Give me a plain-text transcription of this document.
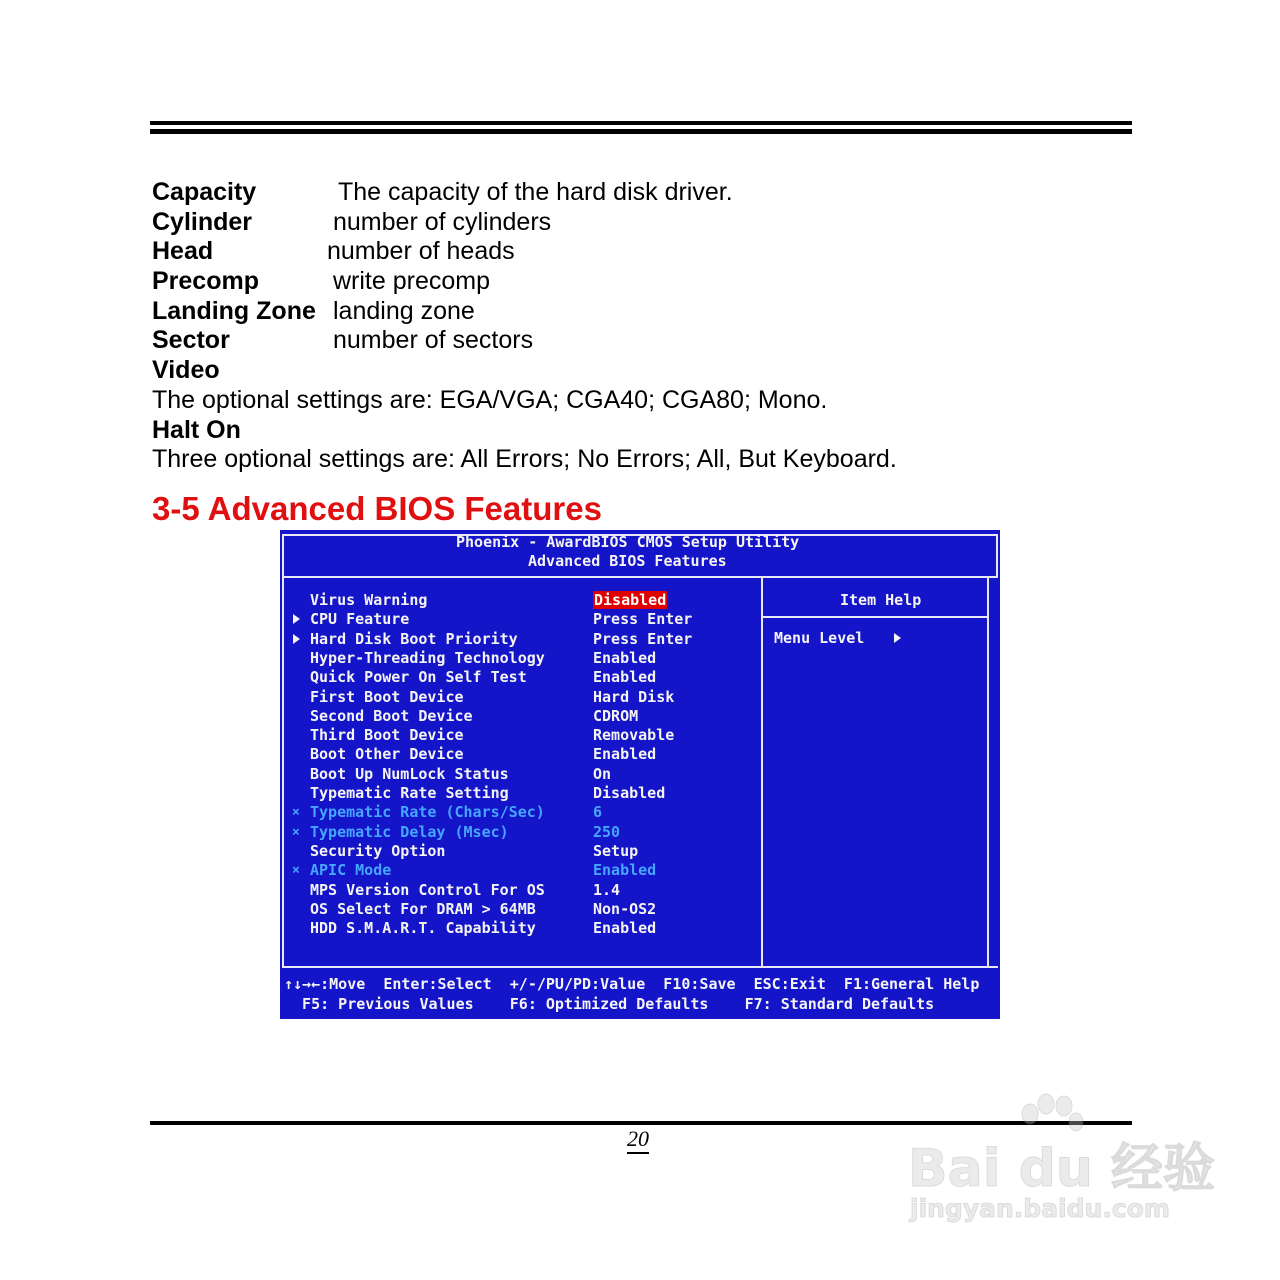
Capacity	The capacity of the hard disk driver.
Cylinder	number of cylinders
Head	number of heads
Precomp	write precomp
Landing Zone landing zone
Sector	number of sectors
Video
The optional settings are: EGA/VGA; CGA40; CGA80; Mono.
Halt On
Three optional settings are: All Errors; No Errors; All, But Keyboard.
3-5 Advanced BIOS Features
Phoenix - AwardBIOS CMOS Setup Utility
Advanced BIOS Features
Virus Warning	Disabled
CPU Feature	Press Enter
Hard Disk Boot Priority	Press Enter
Hyper-Threading Technology	Enabled
Quick Power On Self Test	Enabled
First Boot Device	Hard Disk
Second Boot Device	CDROM
Third Boot Device	Removable
Boot Other Device	Enabled
Boot Up NumLock Status	On
Typematic Rate Setting	Disabled
× Typematic Rate (Chars/Sec)	6
× Typematic Delay (Msec)	250
Security Option	Setup
× APIC Mode	Enabled
MPS Version Control For OS	1.4
OS Select For DRAM > 64MB	Non-OS2
HDD S.M.A.R.T. Capability	Enabled
Item Help
Menu Level
↑↓→←:Move  Enter:Select  +/-/PU/PD:Value  F10:Save  ESC:Exit  F1:General Help
F5: Previous Values    F6: Optimized Defaults    F7: Standard Defaults
20
Bai du 经验
jingyan.baidu.com
